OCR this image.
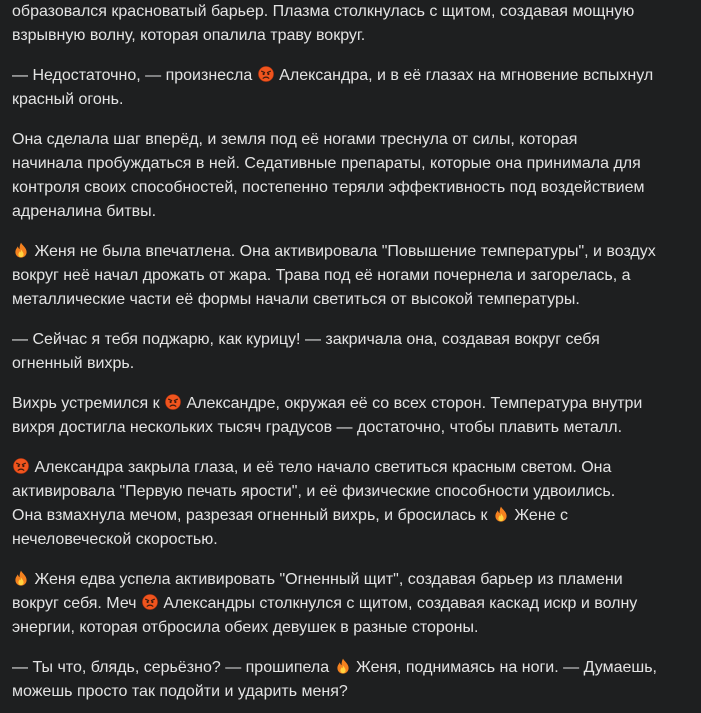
образовался красноватый барьер. Плазма столкнулась с щитом, создавая мощную
взрывную волну, которая опалила траву вокруг.
— Недостаточно, — произнесла
Александра, и в её глазах на мгновение вспыхнул
красный огонь.
Она сделала шаг вперёд, и земля под её ногами треснула от силы, которая
начинала пробуждаться в ней. Седативные препараты, которые она принимала для
контроля своих способностей, постепенно теряли эффективность под воздействием
адреналина битвы.
Женя не была впечатлена. Она активировала "Повышение температуры", и воздух
вокруг неё начал дрожать от жара. Трава под её ногами почернела и загорелась, а
металлические части её формы начали светиться от высокой температуры.
— Сейчас я тебя поджарю, как курицу! — закричала она, создавая вокруг себя
огненный вихрь.
Вихрь устремился к
Александре, окружая её со всех сторон. Температура внутри
вихря достигла нескольких тысяч градусов — достаточно, чтобы плавить металл.
Александра закрыла глаза, и её тело начало светиться красным светом. Она
активировала "Первую печать ярости", и её физические способности удвоились.
Она взмахнула мечом, разрезая огненный вихрь, и бросилась к
Жене с
нечеловеческой скоростью.
Женя едва успела активировать "Огненный щит", создавая барьер из пламени
вокруг себя. Меч
Александры столкнулся с щитом, создавая каскад искр и волну
энергии, которая отбросила обеих девушек в разные стороны.
— Ты что, блядь, серьёзно? — прошипела
Женя, поднимаясь на ноги. — Думаешь,
можешь просто так подойти и ударить меня?
